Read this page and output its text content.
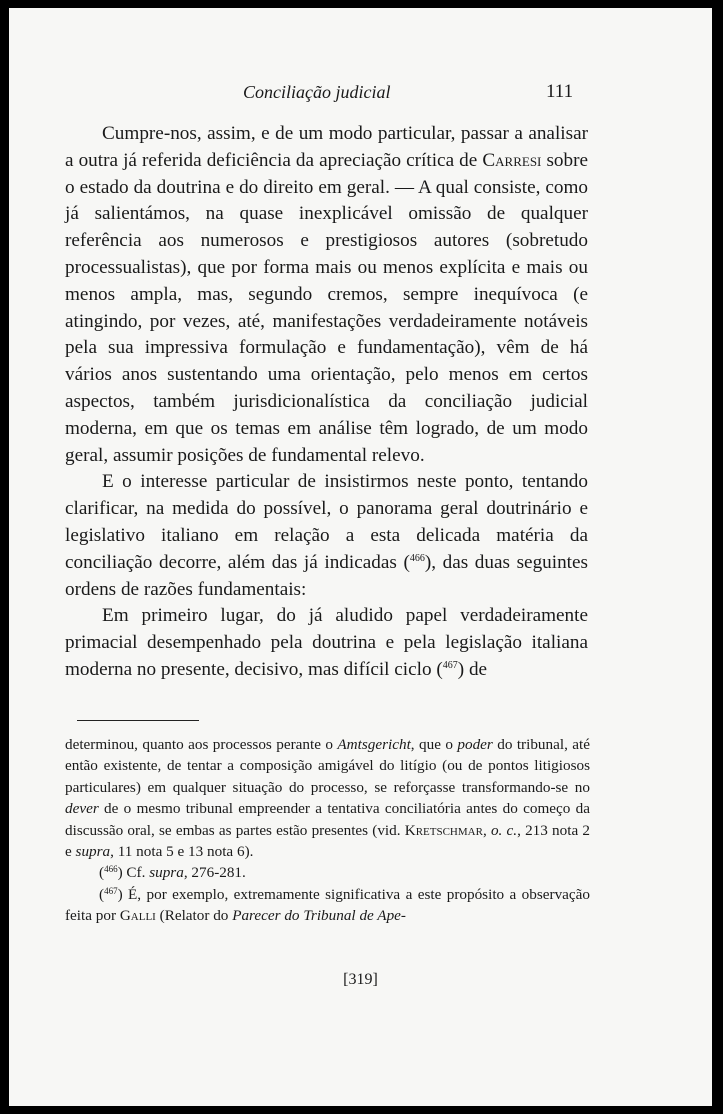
Conciliação judicial	111

Cumpre-nos, assim, e de um modo particular, passar a analisar a outra já referida deficiência da apreciação crítica de Carresi sobre o estado da doutrina e do direito em geral. — A qual consiste, como já salientámos, na quase inexplicável omissão de qualquer referência aos numerosos e prestigiosos autores (sobretudo processualistas), que por forma mais ou menos explícita e mais ou menos ampla, mas, segundo cremos, sempre inequívoca (e atingindo, por vezes, até, manifestações verdadeiramente notáveis pela sua impressiva formulação e fundamentação), vêm de há vários anos sustentando uma orientação, pelo menos em certos aspectos, também jurisdicionalística da conciliação judicial moderna, em que os temas em análise têm logrado, de um modo geral, assumir posições de fundamental relevo.

E o interesse particular de insistirmos neste ponto, tentando clarificar, na medida do possível, o panorama geral doutrinário e legislativo italiano em relação a esta delicada matéria da conciliação decorre, além das já indicadas ($^{466}$), das duas seguintes ordens de razões fundamentais:

Em primeiro lugar, do já aludido papel verdadeiramente primacial desempenhado pela doutrina e pela legislação italiana moderna no presente, decisivo, mas difícil ciclo ($^{467}$) de

determinou, quanto aos processos perante o Amtsgericht, que o poder do tribunal, até então existente, de tentar a composição amigável do litígio (ou de pontos litigiosos particulares) em qualquer situação do processo, se reforçasse transformando-se no dever de o mesmo tribunal empreender a tentativa conciliatória antes do começo da discussão oral, se embas as partes estão presentes (vid. Kretschmar, o. c., 213 nota 2 e supra, 11 nota 5 e 13 nota 6).

($^{466}$) Cf. supra, 276-281.

($^{467}$) É, por exemplo, extremamente significativa a este propósito a observação feita por Galli (Relator do Parecer do Tribunal de Ape-

[319]
